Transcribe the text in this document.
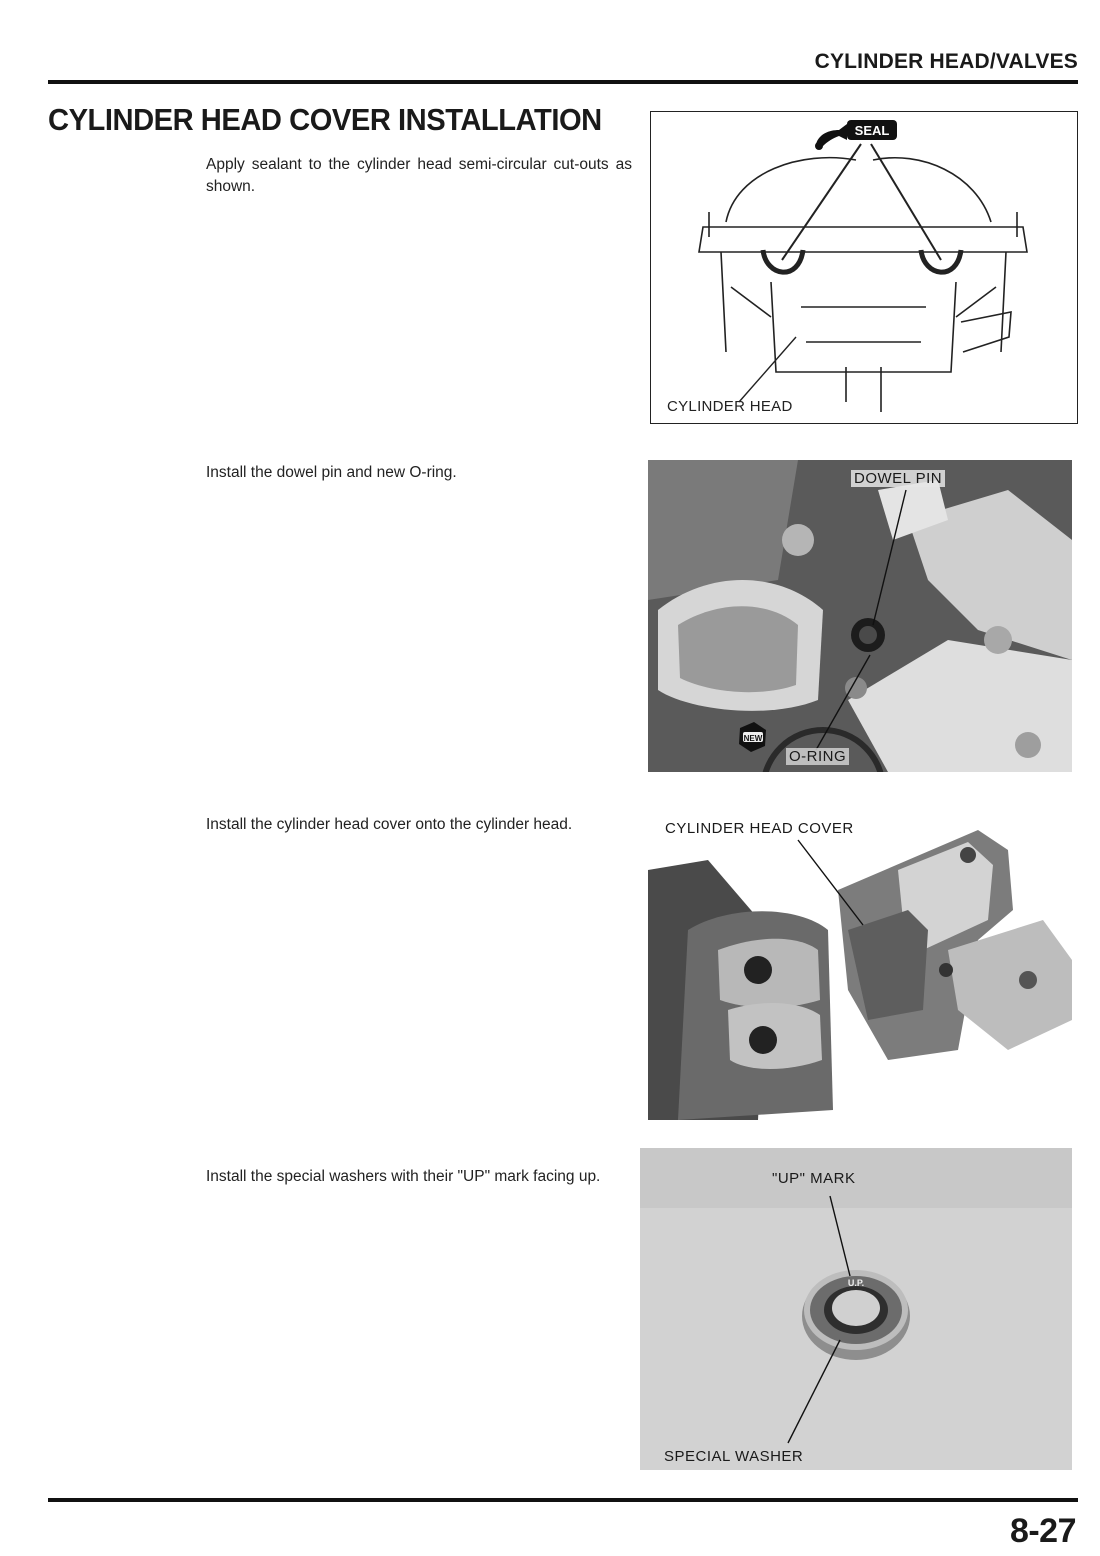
CYLINDER HEAD/VALVES
CYLINDER HEAD COVER INSTALLATION
Apply sealant to the cylinder head semi-circular cut-outs as shown.
Install the dowel pin and new O-ring.
Install the cylinder head cover onto the cylinder head.
Install the special washers with their "UP" mark facing up.
SEAL
CYLINDER HEAD
NEW
DOWEL PIN
O-RING
CYLINDER HEAD COVER
U.P.
"UP" MARK
SPECIAL WASHER
8-27
